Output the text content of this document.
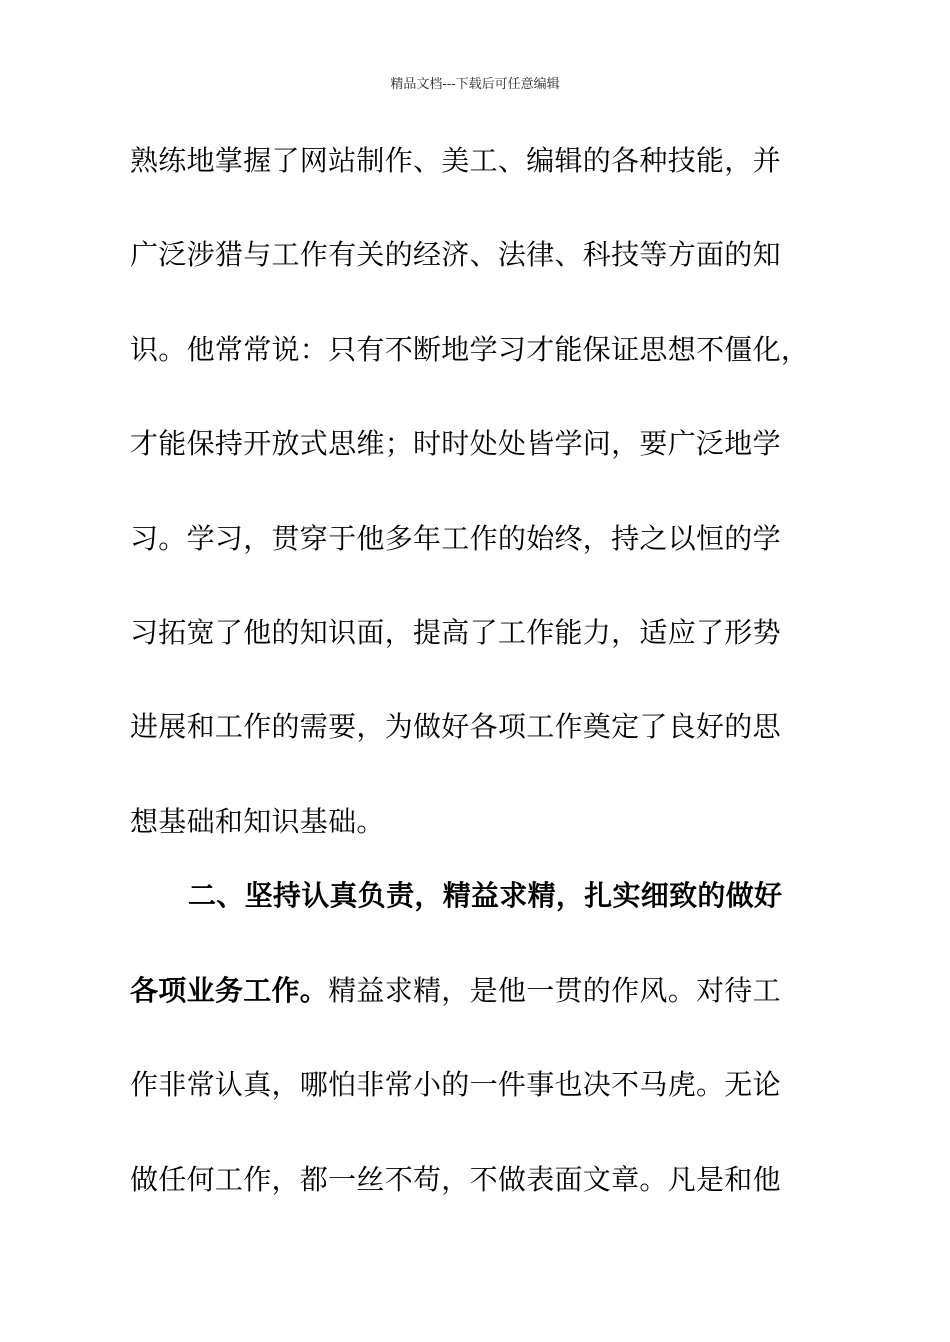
精品文档---下载后可任意编辑
熟练地掌握了网站制作、美工、编辑的各种技能，并
广泛涉猎与工作有关的经济、法律、科技等方面的知
识。他常常说：只有不断地学习才能保证思想不僵化，
才能保持开放式思维；时时处处皆学问，要广泛地学
习。学习，贯穿于他多年工作的始终，持之以恒的学
习拓宽了他的知识面，提高了工作能力，适应了形势
进展和工作的需要，为做好各项工作奠定了良好的思
想基础和知识基础。
二、坚持认真负责，精益求精，扎实细致的做好
各项业务工作。精益求精，是他一贯的作风。对待工
作非常认真，哪怕非常小的一件事也决不马虎。无论
做任何工作，都一丝不苟，不做表面文章。凡是和他
